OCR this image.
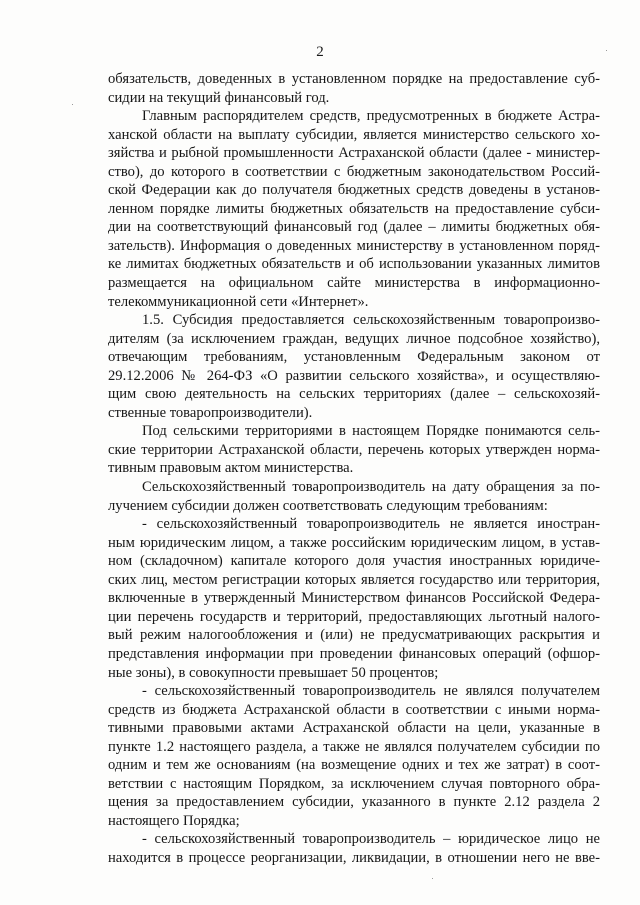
2
обязательств, доведенных в установленном порядке на предоставление суб-
сидии на текущий финансовый год.
Главным распорядителем средств, предусмотренных в бюджете Астра-
ханской области на выплату субсидии, является министерство сельского хо-
зяйства и рыбной промышленности Астраханской области (далее - министер-
ство), до которого в соответствии с бюджетным законодательством Россий-
ской Федерации как до получателя бюджетных средств доведены в установ-
ленном порядке лимиты бюджетных обязательств на предоставление субси-
дии на соответствующий финансовый год (далее – лимиты бюджетных обя-
зательств). Информация о доведенных министерству в установленном поряд-
ке лимитах бюджетных обязательств и об использовании указанных лимитов
размещается на официальном сайте министерства в информационно-
телекоммуникационной сети «Интернет».
1.5. Субсидия предоставляется сельскохозяйственным товаропроизво-
дителям (за исключением граждан, ведущих личное подсобное хозяйство),
отвечающим требованиям, установленным Федеральным законом от
29.12.2006 № 264-ФЗ «О развитии сельского хозяйства», и осуществляю-
щим свою деятельность на сельских территориях (далее – сельскохозяй-
ственные товаропроизводители).
Под сельскими территориями в настоящем Порядке понимаются сель-
ские территории Астраханской области, перечень которых утвержден норма-
тивным правовым актом министерства.
Сельскохозяйственный товаропроизводитель на дату обращения за по-
лучением субсидии должен соответствовать следующим требованиям:
- сельскохозяйственный товаропроизводитель не является иностран-
ным юридическим лицом, а также российским юридическим лицом, в устав-
ном (складочном) капитале которого доля участия иностранных юридиче-
ских лиц, местом регистрации которых является государство или территория,
включенные в утвержденный Министерством финансов Российской Федера-
ции перечень государств и территорий, предоставляющих льготный налого-
вый режим налогообложения и (или) не предусматривающих раскрытия и
представления информации при проведении финансовых операций (офшор-
ные зоны), в совокупности превышает 50 процентов;
- сельскохозяйственный товаропроизводитель не являлся получателем
средств из бюджета Астраханской области в соответствии с иными норма-
тивными правовыми актами Астраханской области на цели, указанные в
пункте 1.2 настоящего раздела, а также не являлся получателем субсидии по
одним и тем же основаниям (на возмещение одних и тех же затрат) в соот-
ветствии с настоящим Порядком, за исключением случая повторного обра-
щения за предоставлением субсидии, указанного в пункте 2.12 раздела 2
настоящего Порядка;
- сельскохозяйственный товаропроизводитель – юридическое лицо не
находится в процессе реорганизации, ликвидации, в отношении него не вве-
